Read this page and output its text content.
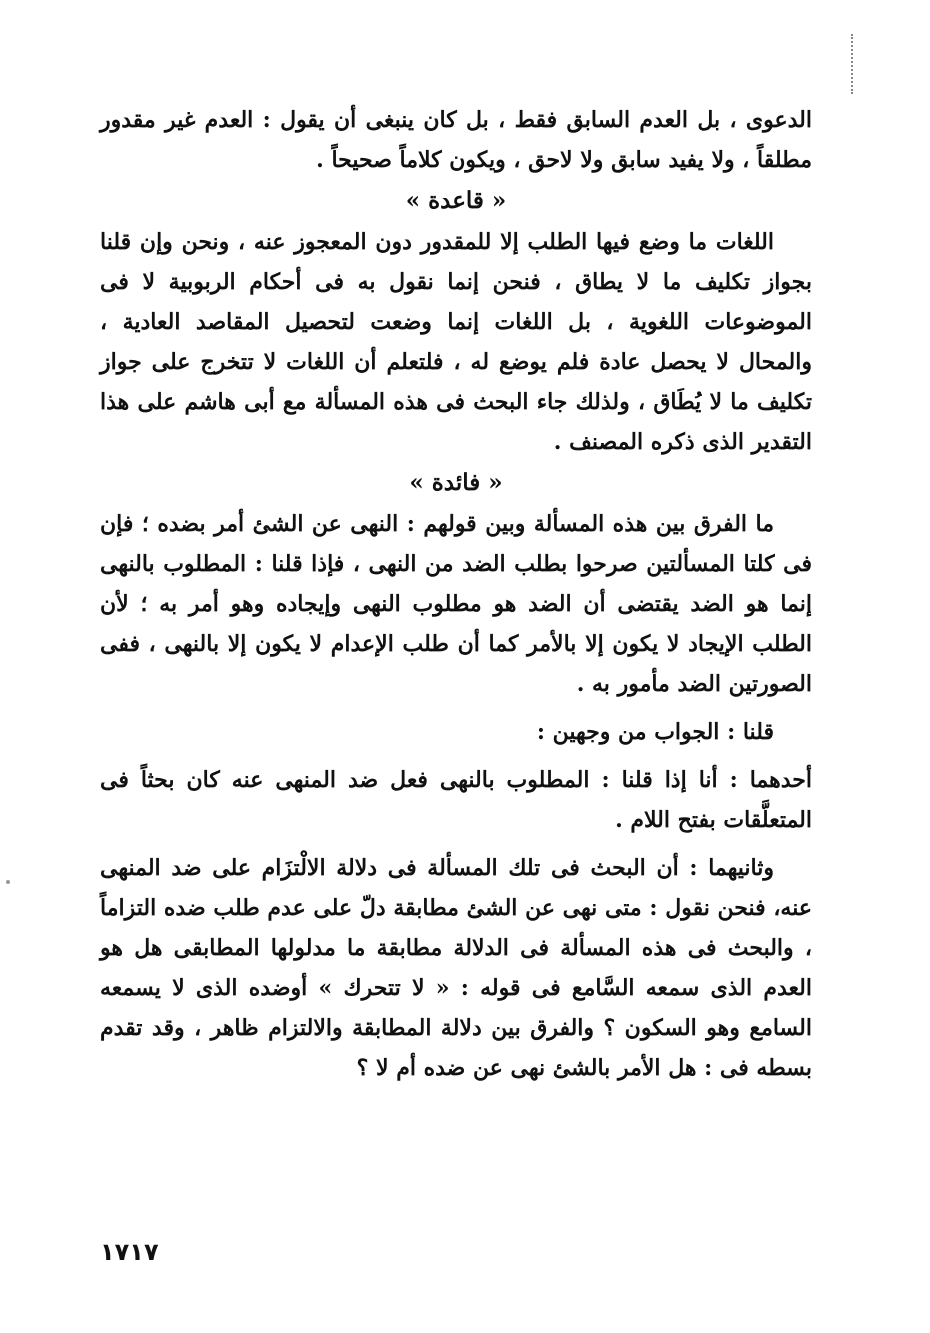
الدعوى ، بل العدم السابق فقط ، بل كان ينبغى أن يقول : العدم غير مقدور مطلقاً ، ولا يفيد سابق ولا لاحق ، ويكون كلاماً صحيحاً .

« قاعدة »

اللغات ما وضع فيها الطلب إلا للمقدور دون المعجوز عنه ، ونحن وإن قلنا بجواز تكليف ما لا يطاق ، فنحن إنما نقول به فى أحكام الربوبية لا فى الموضوعات اللغوية ، بل اللغات إنما وضعت لتحصيل المقاصد العادية ، والمحال لا يحصل عادة فلم يوضع له ، فلتعلم أن اللغات لا تتخرج على جواز تكليف ما لا يُطَاق ، ولذلك جاء البحث فى هذه المسألة مع أبى هاشم على هذا التقدير الذى ذكره المصنف .

« فائدة »

ما الفرق بين هذه المسألة وبين قولهم : النهى عن الشئ أمر بضده ؛ فإن فى كلتا المسألتين صرحوا بطلب الضد من النهى ، فإذا قلنا : المطلوب بالنهى إنما هو الضد يقتضى أن الضد هو مطلوب النهى وإيجاده وهو أمر به ؛ لأن الطلب الإيجاد لا يكون إلا بالأمر كما أن طلب الإعدام لا يكون إلا بالنهى ، ففى الصورتين الضد مأمور به .

قلنا : الجواب من وجهين :

أحدهما : أنا إذا قلنا : المطلوب بالنهى فعل ضد المنهى عنه كان بحثاً فى المتعلَّقات بفتح اللام .

وثانيهما : أن البحث فى تلك المسألة فى دلالة الالْتزَام على ضد المنهى عنه، فنحن نقول : متى نهى عن الشئ مطابقة دلّ على عدم طلب ضده التزاماً ، والبحث فى هذه المسألة فى الدلالة مطابقة ما مدلولها المطابقى هل هو العدم الذى سمعه السَّامع فى قوله : « لا تتحرك » أوضده الذى لا يسمعه السامع وهو السكون ؟ والفرق بين دلالة المطابقة والالتزام ظاهر ، وقد تقدم بسطه فى : هل الأمر بالشئ نهى عن ضده أم لا ؟

١٧١٧
